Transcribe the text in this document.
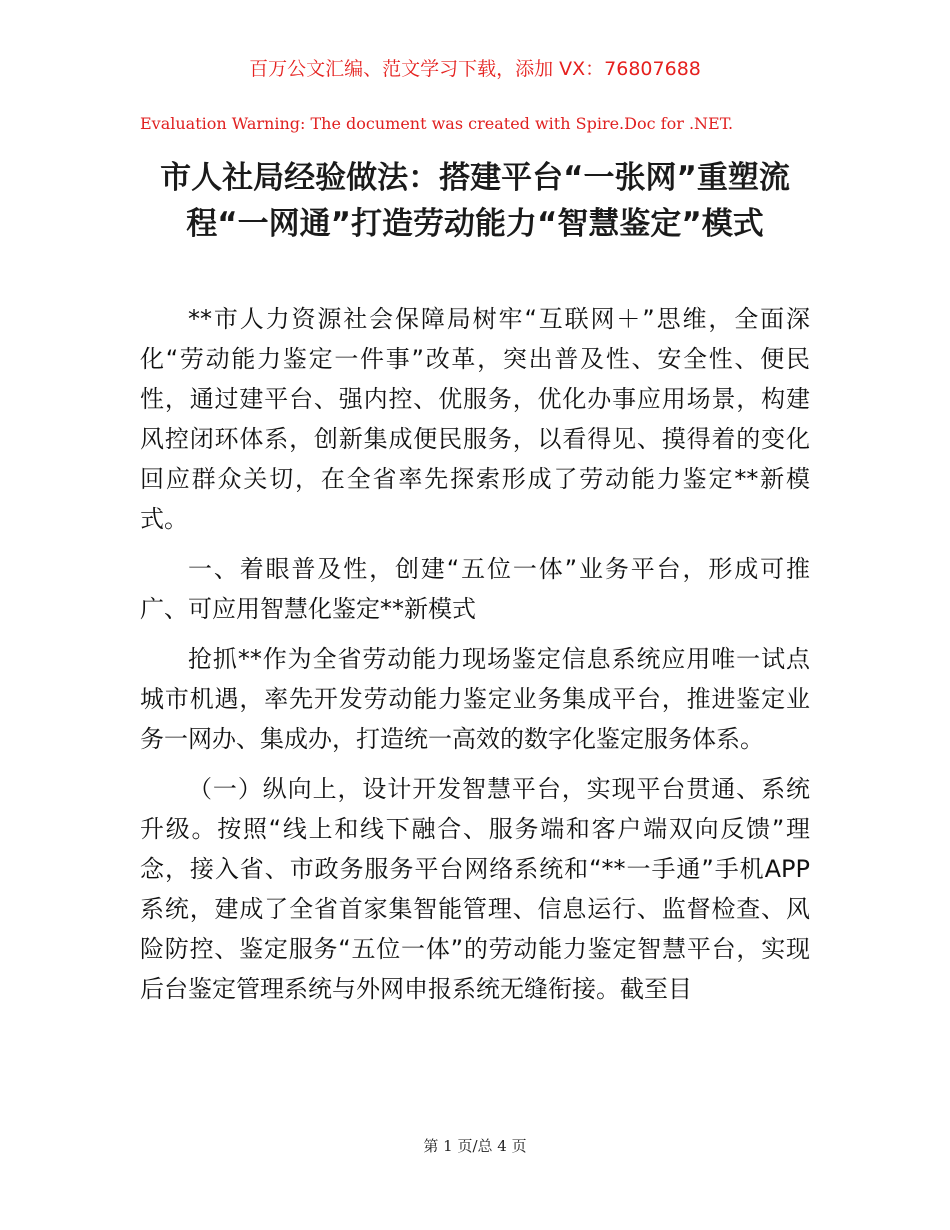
百万公文汇编、范文学习下载，添加 VX：76807688
Evaluation Warning: The document was created with Spire.Doc for .NET.
市人社局经验做法：搭建平台“一张网”重塑流程“一网通”打造劳动能力“智慧鉴定”模式

**市人力资源社会保障局树牢“互联网＋”思维，全面深化“劳动能力鉴定一件事”改革，突出普及性、安全性、便民性，通过建平台、强内控、优服务，优化办事应用场景，构建风控闭环体系，创新集成便民服务，以看得见、摸得着的变化回应群众关切，在全省率先探索形成了劳动能力鉴定**新模式。

一、着眼普及性，创建“五位一体”业务平台，形成可推广、可应用智慧化鉴定**新模式

抢抓**作为全省劳动能力现场鉴定信息系统应用唯一试点城市机遇，率先开发劳动能力鉴定业务集成平台，推进鉴定业务一网办、集成办，打造统一高效的数字化鉴定服务体系。

（一）纵向上，设计开发智慧平台，实现平台贯通、系统升级。按照“线上和线下融合、服务端和客户端双向反馈”理念，接入省、市政务服务平台网络系统和“**一手通”手机APP系统，建成了全省首家集智能管理、信息运行、监督检查、风险防控、鉴定服务“五位一体”的劳动能力鉴定智慧平台，实现后台鉴定管理系统与外网申报系统无缝衔接。截至目

第 1 页/总 4 页
